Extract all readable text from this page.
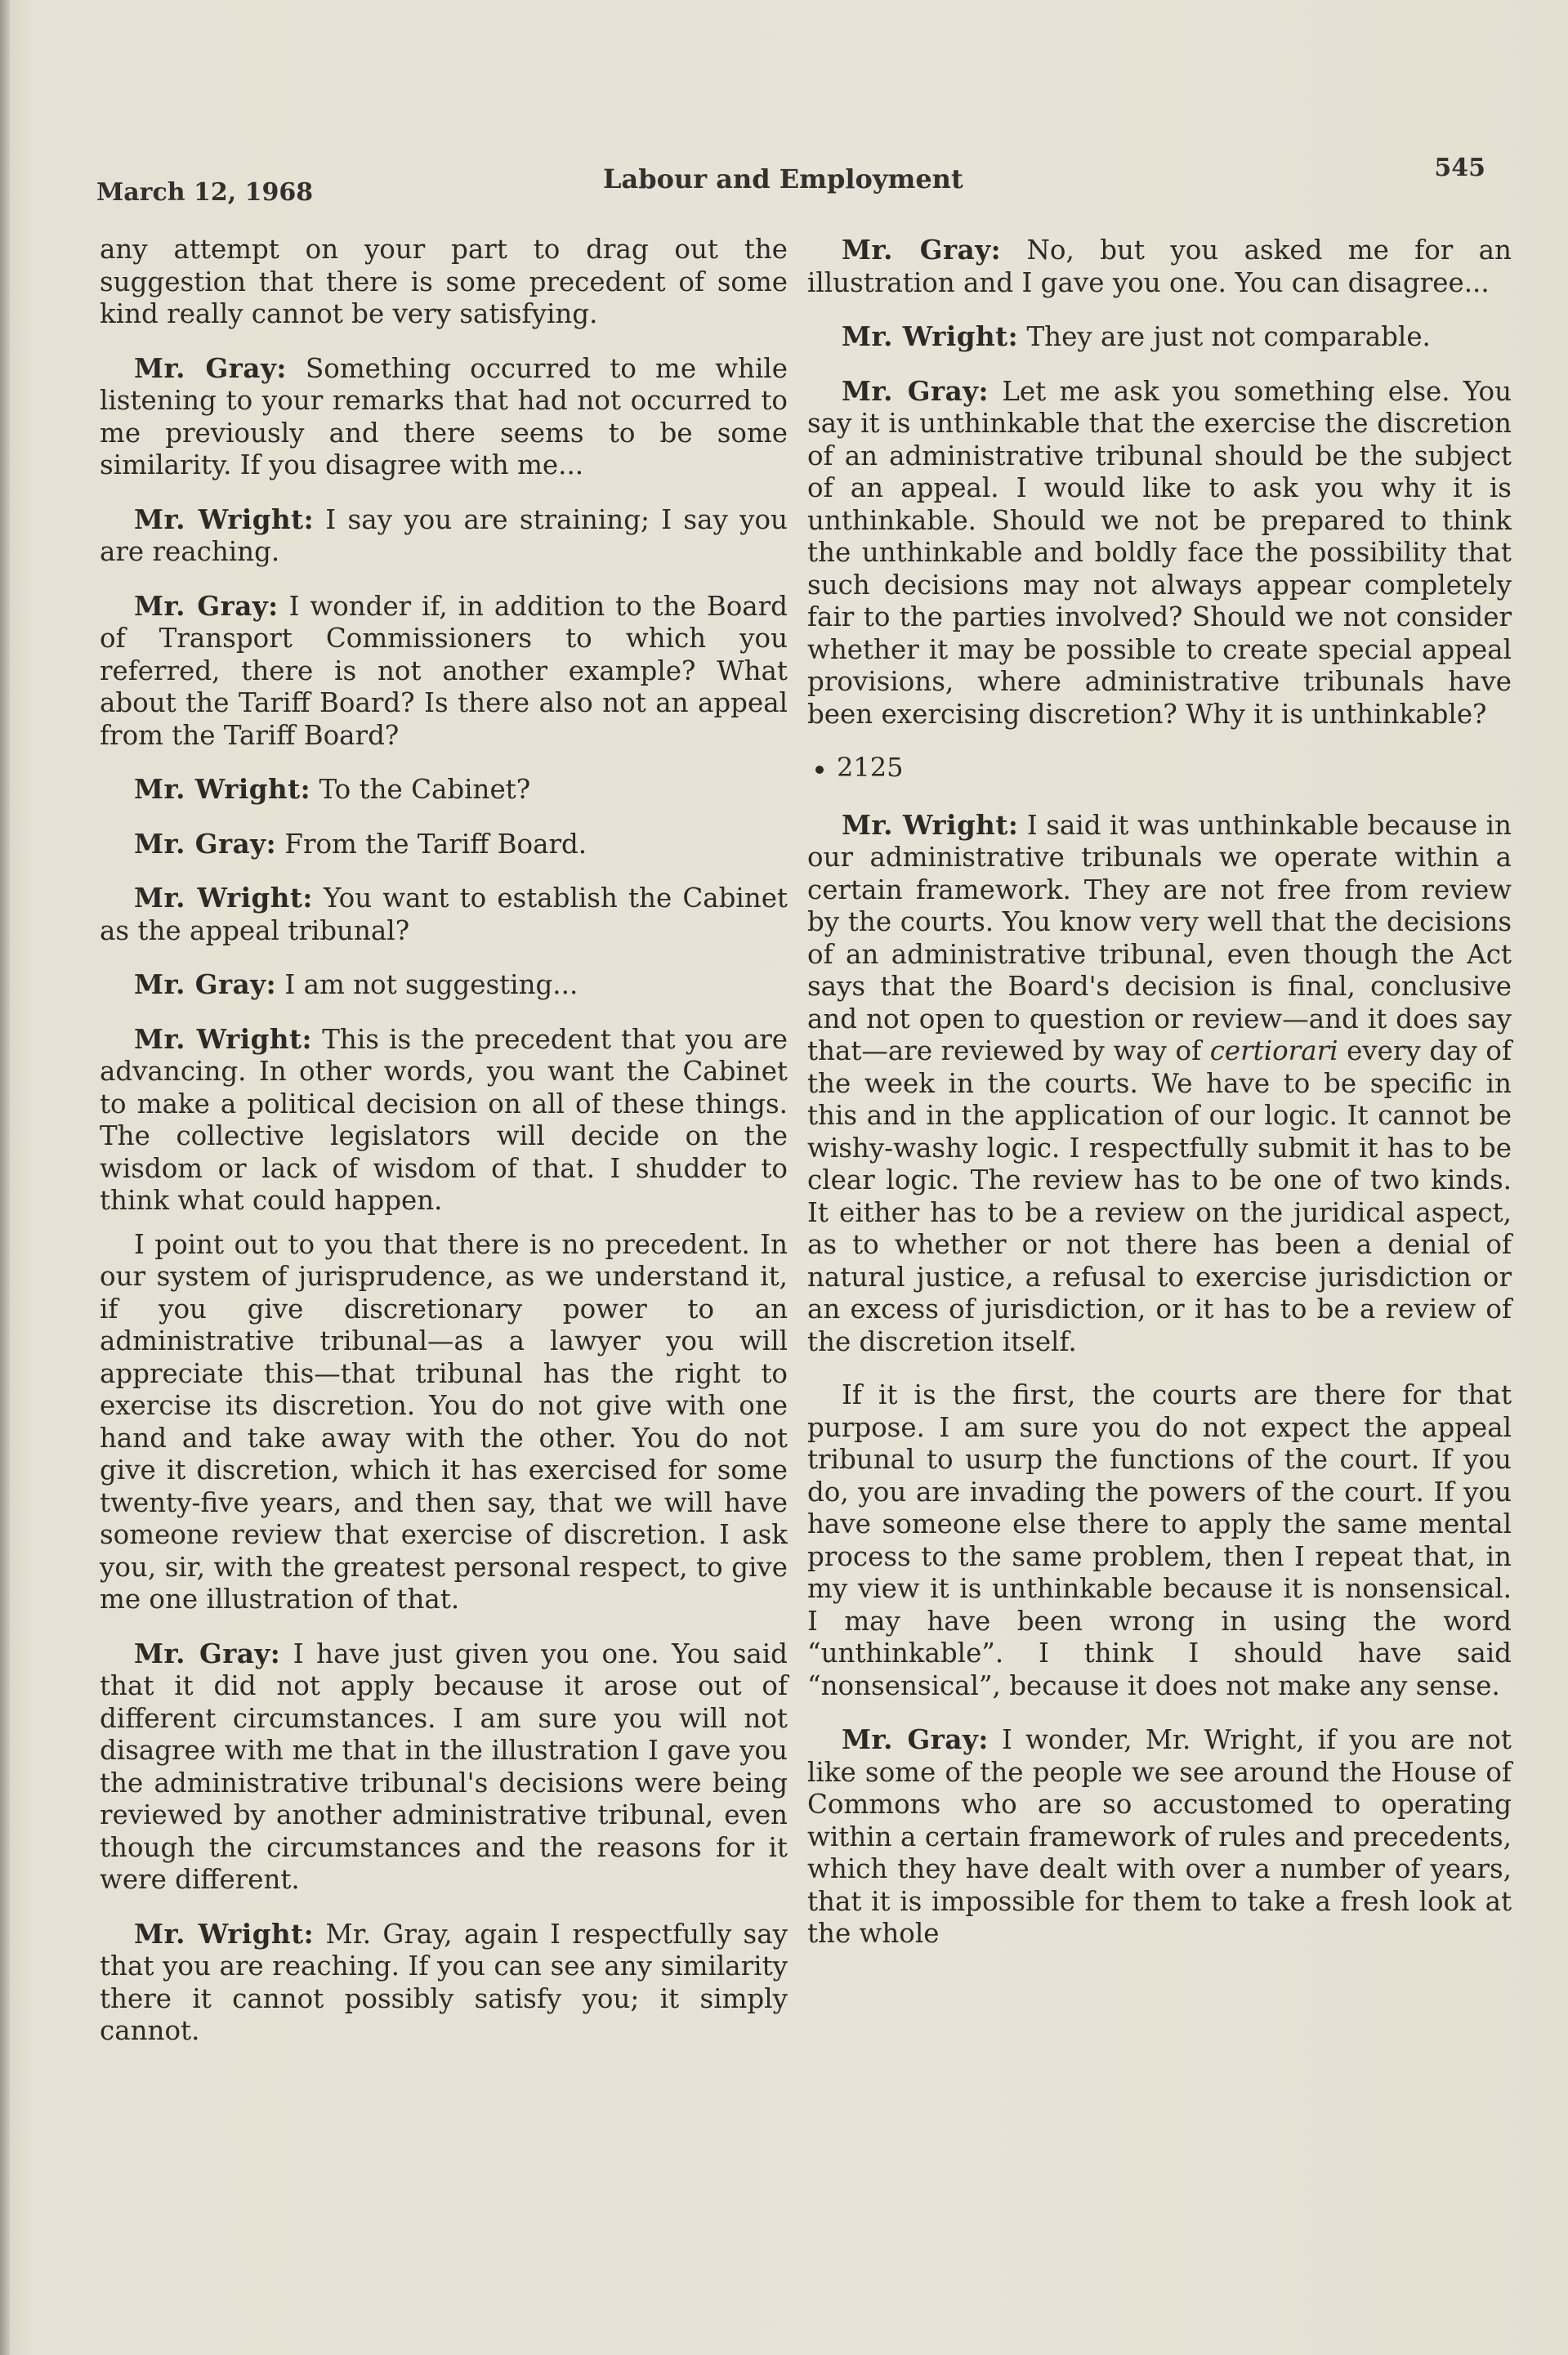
March 12, 1968	Labour and Employment	545

any attempt on your part to drag out the suggestion that there is some precedent of some kind really cannot be very satisfying.

Mr. Gray: Something occurred to me while listening to your remarks that had not occurred to me previously and there seems to be some similarity. If you disagree with me...

Mr. Wright: I say you are straining; I say you are reaching.

Mr. Gray: I wonder if, in addition to the Board of Transport Commissioners to which you referred, there is not another example? What about the Tariff Board? Is there also not an appeal from the Tariff Board?

Mr. Wright: To the Cabinet?

Mr. Gray: From the Tariff Board.

Mr. Wright: You want to establish the Cabinet as the appeal tribunal?

Mr. Gray: I am not suggesting...

Mr. Wright: This is the precedent that you are advancing. In other words, you want the Cabinet to make a political decision on all of these things. The collective legislators will decide on the wisdom or lack of wisdom of that. I shudder to think what could happen.

I point out to you that there is no precedent. In our system of jurisprudence, as we understand it, if you give discretionary power to an administrative tribunal—as a lawyer you will appreciate this—that tribunal has the right to exercise its discretion. You do not give with one hand and take away with the other. You do not give it discretion, which it has exercised for some twenty-five years, and then say, that we will have someone review that exercise of discretion. I ask you, sir, with the greatest personal respect, to give me one illustration of that.

Mr. Gray: I have just given you one. You said that it did not apply because it arose out of different circumstances. I am sure you will not disagree with me that in the illustration I gave you the administrative tribunal's decisions were being reviewed by another administrative tribunal, even though the circumstances and the reasons for it were different.

Mr. Wright: Mr. Gray, again I respectfully say that you are reaching. If you can see any similarity there it cannot possibly satisfy you; it simply cannot.

Mr. Gray: No, but you asked me for an illustration and I gave you one. You can disagree...

Mr. Wright: They are just not comparable.

Mr. Gray: Let me ask you something else. You say it is unthinkable that the exercise the discretion of an administrative tribunal should be the subject of an appeal. I would like to ask you why it is unthinkable. Should we not be prepared to think the unthinkable and boldly face the possibility that such decisions may not always appear completely fair to the parties involved? Should we not consider whether it may be possible to create special appeal provisions, where administrative tribunals have been exercising discretion? Why it is unthinkable?

2125

Mr. Wright: I said it was unthinkable because in our administrative tribunals we operate within a certain framework. They are not free from review by the courts. You know very well that the decisions of an administrative tribunal, even though the Act says that the Board's decision is final, conclusive and not open to question or review—and it does say that—are reviewed by way of certiorari every day of the week in the courts. We have to be specific in this and in the application of our logic. It cannot be wishy-washy logic. I respectfully submit it has to be clear logic. The review has to be one of two kinds. It either has to be a review on the juridical aspect, as to whether or not there has been a denial of natural justice, a refusal to exercise jurisdiction or an excess of jurisdiction, or it has to be a review of the discretion itself.

If it is the first, the courts are there for that purpose. I am sure you do not expect the appeal tribunal to usurp the functions of the court. If you do, you are invading the powers of the court. If you have someone else there to apply the same mental process to the same problem, then I repeat that, in my view it is unthinkable because it is nonsensical. I may have been wrong in using the word “unthinkable”. I think I should have said “nonsensical”, because it does not make any sense.

Mr. Gray: I wonder, Mr. Wright, if you are not like some of the people we see around the House of Commons who are so accustomed to operating within a certain framework of rules and precedents, which they have dealt with over a number of years, that it is impossible for them to take a fresh look at the whole
